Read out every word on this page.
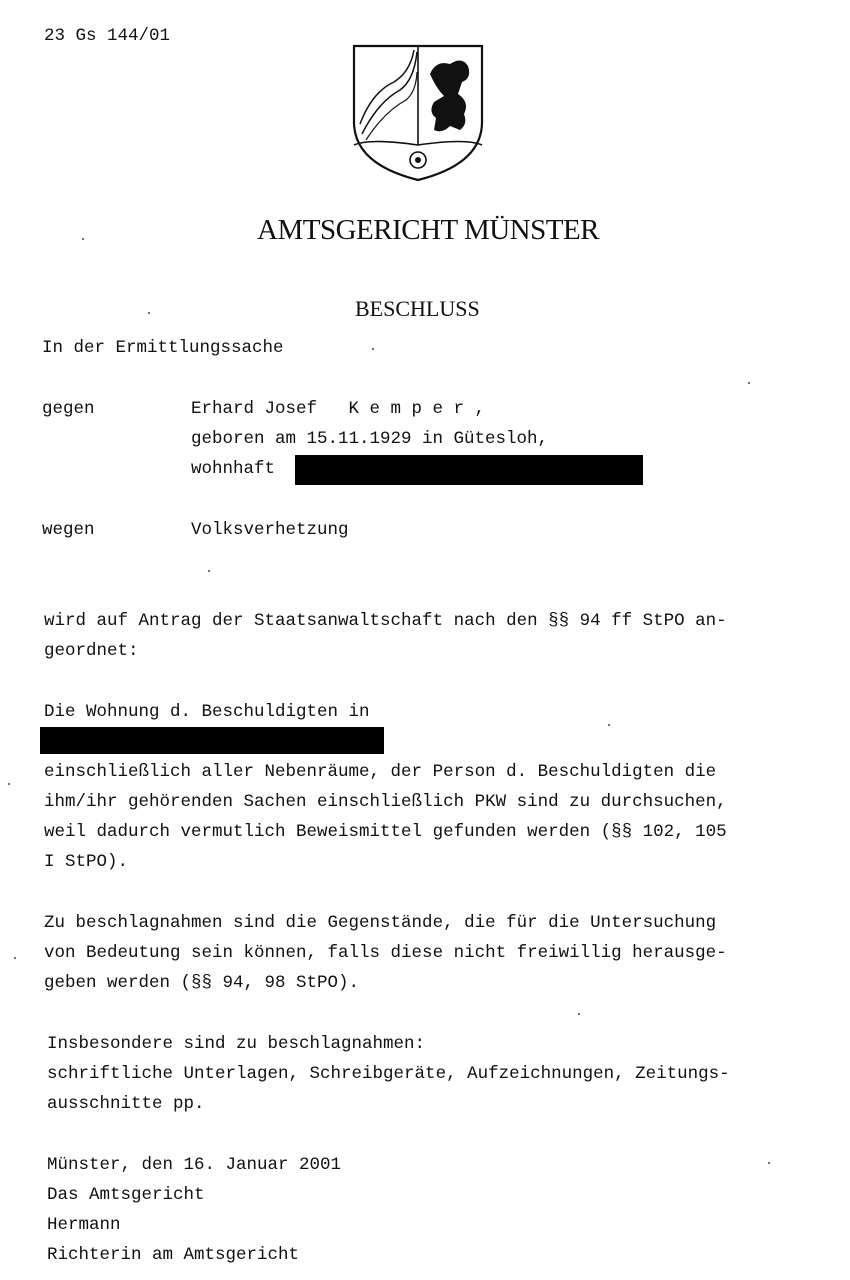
23 Gs 144/01
AMTSGERICHT MÜNSTER
BESCHLUSS
In der Ermittlungssache
gegen	Erhard Josef   K e m p e r ,
geboren am 15.11.1929 in Gütesloh,
wohnhaft
wegen	Volksverhetzung
wird auf Antrag der Staatsanwaltschaft nach den §§ 94 ff StPO an-
geordnet:
Die Wohnung d. Beschuldigten in
einschließlich aller Nebenräume, der Person d. Beschuldigten die
ihm/ihr gehörenden Sachen einschließlich PKW sind zu durchsuchen,
weil dadurch vermutlich Beweismittel gefunden werden (§§ 102, 105
I StPO).
Zu beschlagnahmen sind die Gegenstände, die für die Untersuchung
von Bedeutung sein können, falls diese nicht freiwillig herausge-
geben werden (§§ 94, 98 StPO).
Insbesondere sind zu beschlagnahmen:
schriftliche Unterlagen, Schreibgeräte, Aufzeichnungen, Zeitungs-
ausschnitte pp.
Münster, den 16. Januar 2001
Das Amtsgericht
Hermann
Richterin am Amtsgericht
